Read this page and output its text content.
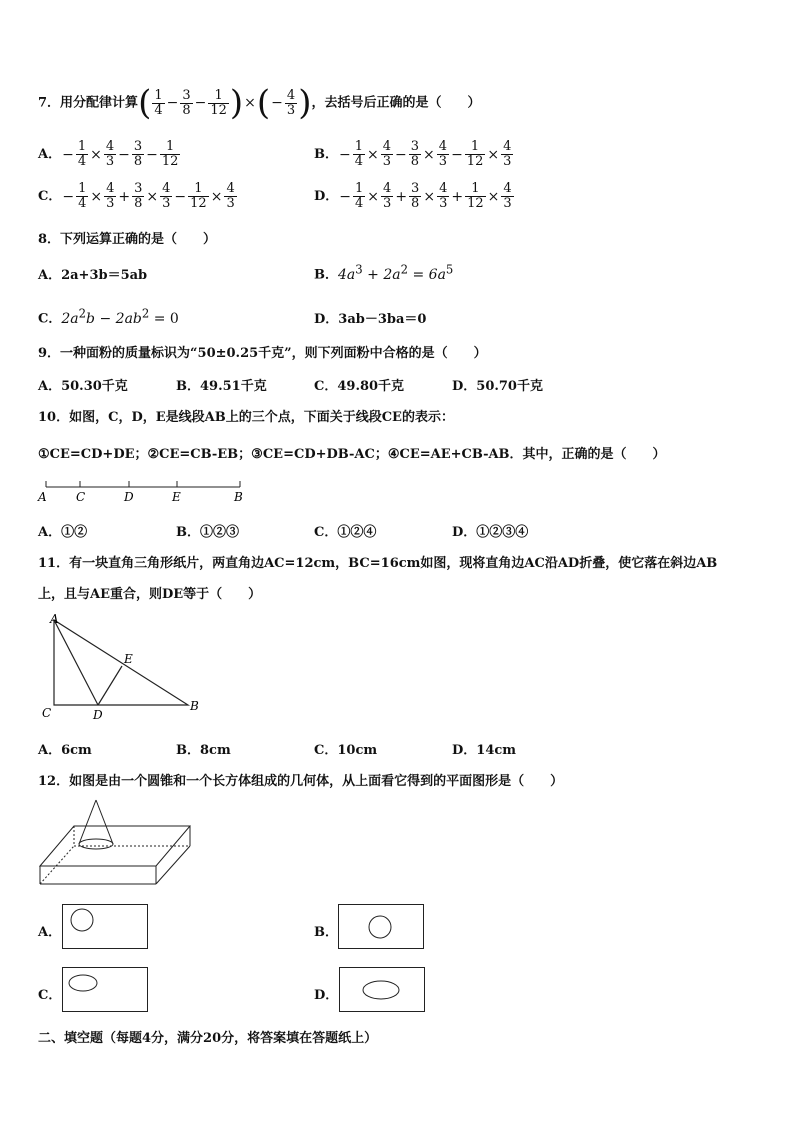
7．用分配律计算( $\frac{1}{4} - \frac{3}{8} - \frac{1}{12}$ )×(− $\frac{4}{3}$ )，去括号后正确的是（　　）
A．− $\frac{1}{4} \times \frac{4}{3} - \frac{3}{8} - \frac{1}{12}$	B．− $\frac{1}{4} \times \frac{4}{3} - \frac{3}{8} \times \frac{4}{3} - \frac{1}{12} \times \frac{4}{3}$
C．− $\frac{1}{4} \times \frac{4}{3} + \frac{3}{8} \times \frac{4}{3} - \frac{1}{12} \times \frac{4}{3}$	D．− $\frac{1}{4} \times \frac{4}{3} + \frac{3}{8} \times \frac{4}{3} + \frac{1}{12} \times \frac{4}{3}$
8．下列运算正确的是（　　）
A．2a+3b＝5ab	B．$4a^3 + 2a^2 = 6a^5$
C．$2a^2b - 2ab^2 = 0$	D．3ab－3ba＝0
9．一种面粉的质量标识为“50±0.25千克”，则下列面粉中合格的是（　　）
A．50.30千克	B．49.51千克	C．49.80千克	D．50.70千克
10．如图，C，D，E是线段AB上的三个点，下面关于线段CE的表示：
①CE=CD+DE；②CE=CB-EB；③CE=CD+DB-AC；④CE=AE+CB-AB．其中，正确的是（　　）
A C	D	E	B
A．①②	B．①②③	C．①②④	D．①②③④
11．有一块直角三角形纸片，两直角边AC=12cm，BC=16cm如图，现将直角边AC沿AD折叠，使它落在斜边AB
上，且与AE重合，则DE等于（　　）
A
C	D
E
B
A．6cm	B．8cm	C．10cm	D．14cm
12．如图是由一个圆锥和一个长方体组成的几何体，从上面看它得到的平面图形是（　　）
A．	B．
C．	D．
二、填空题（每题4分，满分20分，将答案填在答题纸上）
